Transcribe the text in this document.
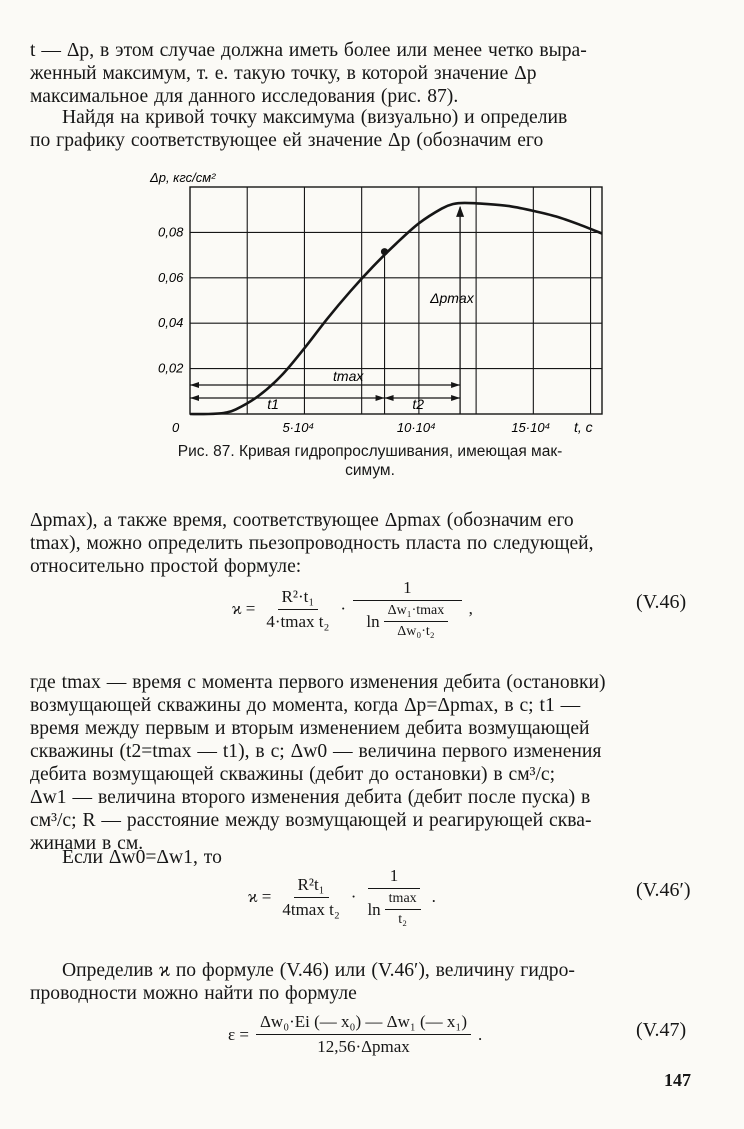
t — Δp, в этом случае должна иметь более или менее четко выра-
женный максимум, т. е. такую точку, в которой значение Δp
максимальное для данного исследования (рис. 87).

Найдя на кривой точку максимума (визуально) и определив
по графику соответствующее ей значение Δp (обозначим его

0,02
0,04
0,06
0,08
5·10⁴	10·10⁴	15·10⁴
Δpmax
tmax
t1	t2
Δp, кгс/см²
t, с
0
Рис. 87. Кривая гидропрослушивания, имеющая мак-
симум.

Δpmax), а также время, соответствующее Δpmax (обозначим его
tmax), можно определить пьезопроводность пласта по следующей,
относительно простой формуле:

$ϰ = \frac{\text{R²·t₁}}{\text{4·tmax t₂}} \cdot \frac{1}{\ln \frac{\text{Δw₁·tmax}}{\text{Δw₀·t₂}}}$ ,	(V.46)

где tmax — время с момента первого изменения дебита (остановки)
возмущающей скважины до момента, когда Δp=Δpmax, в с; t1 —
время между первым и вторым изменением дебита возмущающей
скважины (t2=tmax — t1), в с; Δw0 — величина первого изменения
дебита возмущающей скважины (дебит до остановки) в см³/с;
Δw1 — величина второго изменения дебита (дебит после пуска) в
см³/с; R — расстояние между возмущающей и реагирующей сква-
жинами в см.

Если Δw0=Δw1, то

$ϰ = \frac{\text{R²t₁}}{\text{4tmax t₂}} \cdot \frac{1}{\ln \frac{tmax}{\text{t₂}}}$ .	(V.46′)

Определив ϰ по формуле (V.46) или (V.46′), величину гидро-
проводности можно найти по формуле

$\varepsilon = \frac{\text{Δw₀·Ei (— x₀) — Δw₁ (— x₁)}}{12,56\cdot\Delta pmax}$ .	(V.47)
147
